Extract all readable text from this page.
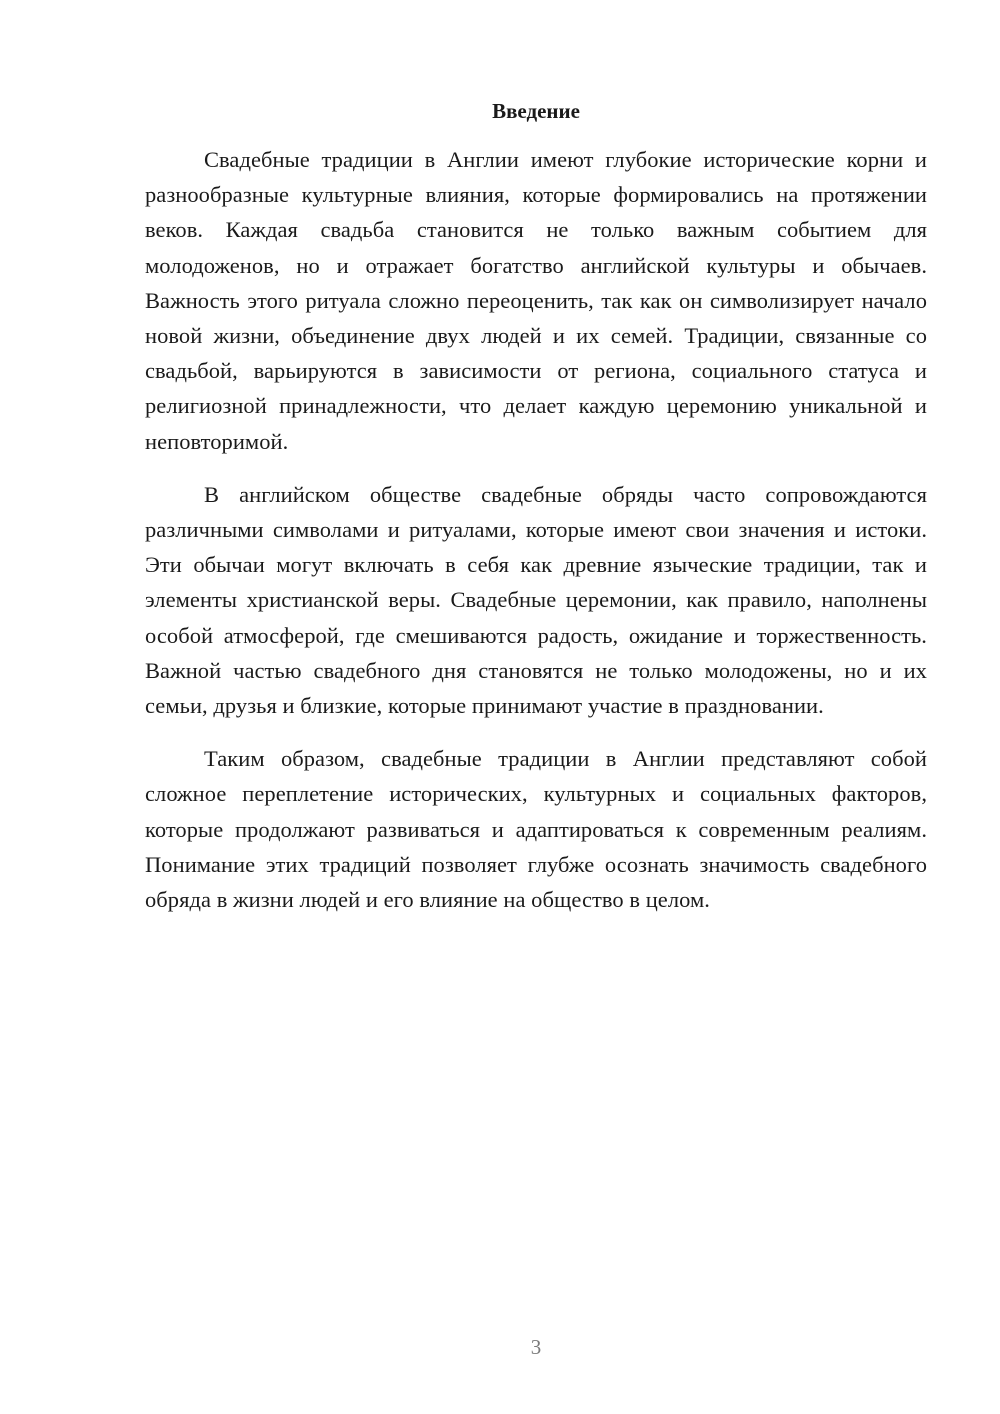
Введение

Свадебные традиции в Англии имеют глубокие исторические корни и разнообразные культурные влияния, которые формировались на протяжении веков. Каждая свадьба становится не только важным событием для молодоженов, но и отражает богатство английской культуры и обычаев. Важность этого ритуала сложно переоценить, так как он символизирует начало новой жизни, объединение двух людей и их семей. Традиции, связанные со свадьбой, варьируются в зависимости от региона, социального статуса и религиозной принадлежности, что делает каждую церемонию уникальной и неповторимой.

В английском обществе свадебные обряды часто сопровождаются различными символами и ритуалами, которые имеют свои значения и истоки. Эти обычаи могут включать в себя как древние языческие традиции, так и элементы христианской веры. Свадебные церемонии, как правило, наполнены особой атмосферой, где смешиваются радость, ожидание и торжественность. Важной частью свадебного дня становятся не только молодожены, но и их семьи, друзья и близкие, которые принимают участие в праздновании.

Таким образом, свадебные традиции в Англии представляют собой сложное переплетение исторических, культурных и социальных факторов, которые продолжают развиваться и адаптироваться к современным реалиям. Понимание этих традиций позволяет глубже осознать значимость свадебного обряда в жизни людей и его влияние на общество в целом.

3
